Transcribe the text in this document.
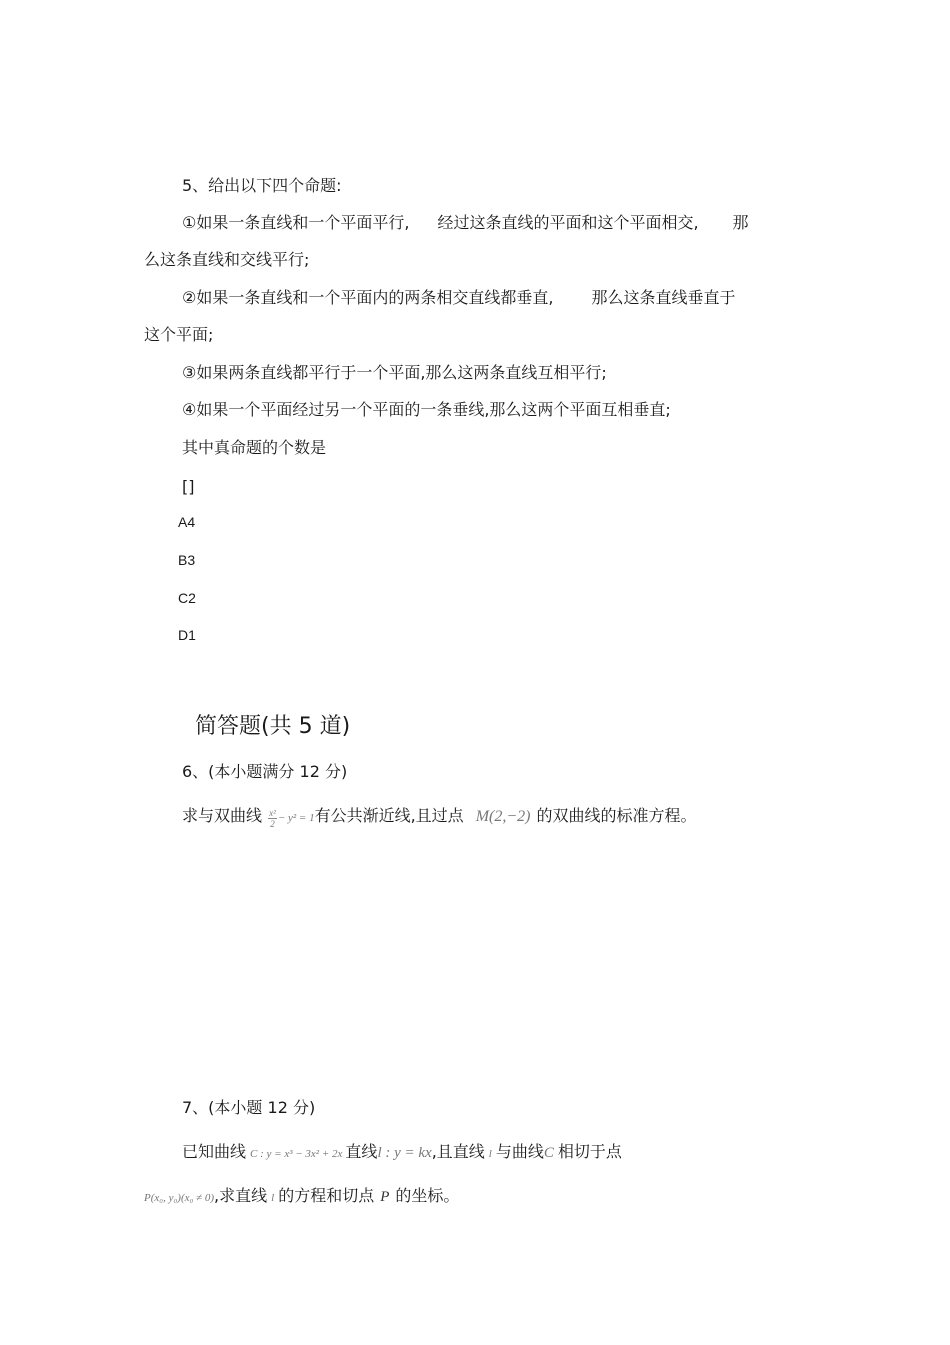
5、给出以下四个命题:
①如果一条直线和一个平面平行, 经过这条直线的平面和这个平面相交, 那
么这条直线和交线平行;
②如果一条直线和一个平面内的两条相交直线都垂直, 那么这条直线垂直于
这个平面;
③如果两条直线都平行于一个平面,那么这两条直线互相平行;
④如果一个平面经过另一个平面的一条垂线,那么这两个平面互相垂直;
其中真命题的个数是
[]
A4
B3
C2
D1
简答题(共 5 道)
6、(本小题满分 12 分)
求与双曲线 $\frac{\text{x²}}{2} - y^2 = 1$有公共渐近线,且过点 M(2,−2) 的双曲线的标准方程。
7、(本小题 12 分)
已知曲线 C : y = x³ − 3x² + 2x 直线l : y = kx,且直线 l 与曲线C 相切于点
P(x₀, y₀)(x₀ ≠ 0),求直线 l 的方程和切点 P 的坐标。
